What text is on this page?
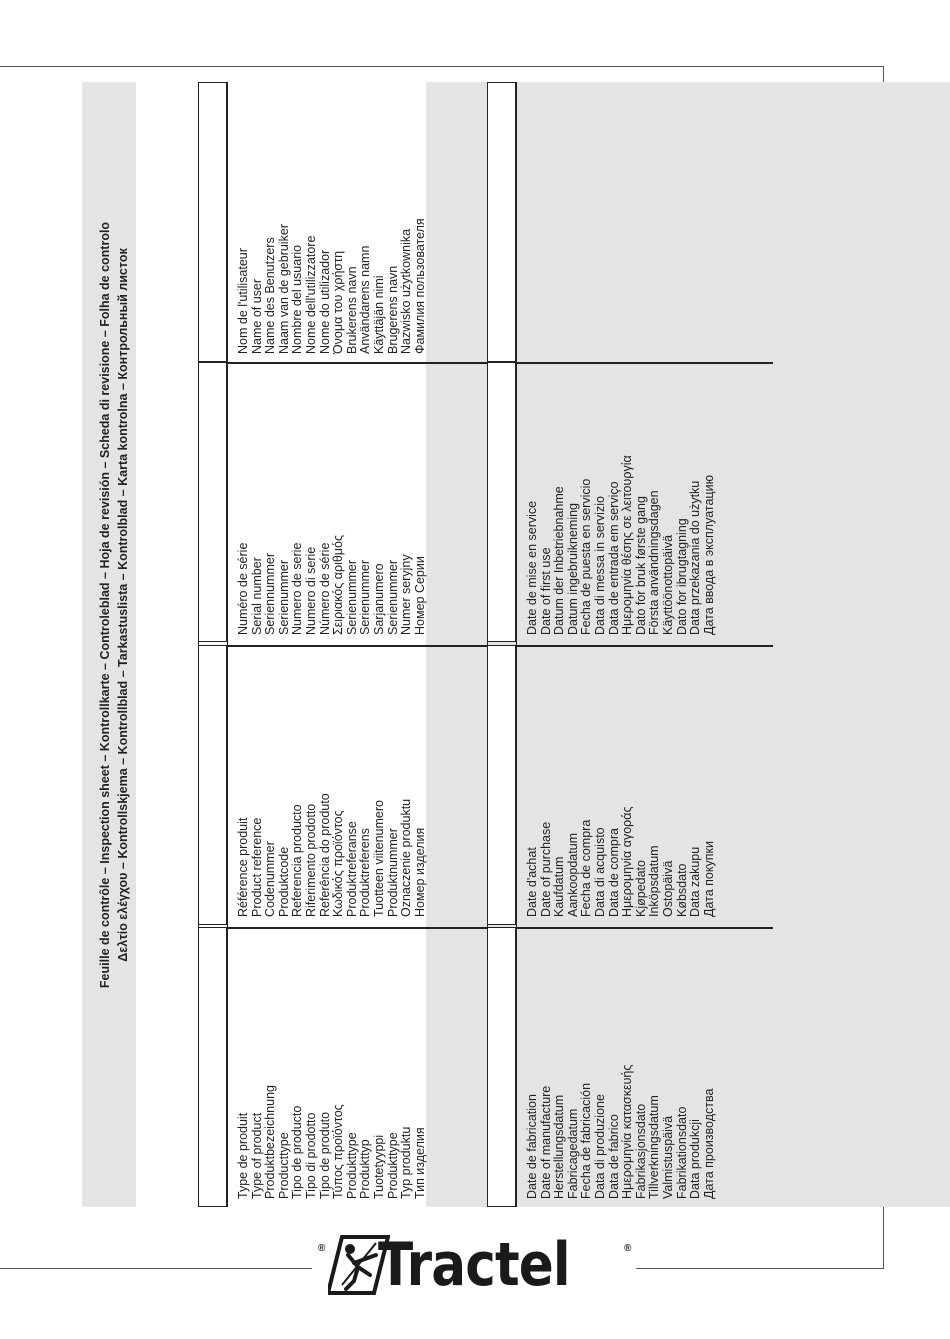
Feuille de contrôle – Inspection sheet – Kontrollkarte – Controleblad – Hoja de revisión – Scheda di revisione – Folha de controlo Δελτίο ελέγχου – Kontrollskjema – Kontrollblad – Tarkastuslista – Kontrolblad – Karta kontrolna – Контрольный листок
Type de produit Type of product Produktbezeichnung Producttype Tipo de producto Tipo di prodotto Tipo de produto Τύπος προϊόντος Produkttype Produkttyp Tuotetyyppi Produkttype Typ produktu Тип изделия
Référence produit Product reference Codenummer Produktcode Referencia producto Riferimento prodotto Referência do produto Κωδικός προϊόντος Produktreferanse Produktreferens Tuotteen viitenumero Produktnummer Oznaczenie produktu Номер изделия
Numéro de série Serial number Seriennummer Serienummer Numero de serie Numero di serie Número de série Σειριακός αριθμός Serienummer Serienummer Sarjanumero Serienummer Numer seryjny Номер Серии
Nom de l'utilisateur Name of user Name des Benutzers Naam van de gebruiker Nombre del usuario Nome dell'utilizzatore Nome do utilizador Όνομα του χρήστη Brukerens navn Användarens namn Käyttäjän nimi Brugerens navn Nazwisko użytkownika Фамилия пользователя
Date de fabrication Date of manufacture Herstellungsdatum Fabricagedatum Fecha de fabricación Data di produzione Data de fabrico Ημερομηνία κατασκευής Fabrikasjonsdato Tillverkningsdatum Valmistuspäivä Fabrikationsdato Data produkcji Дата производства
Date d'achat Date of purchase Kaufdatum Aankoopdatum Fecha de compra Data di acquisto Data de compra Ημερομηνία αγοράς Kjøpedato Inköpsdatum Ostopäivä Købsdato Data zakupu Дата покупки
Date de mise en service Date of first use Datum der Inbetriebnahme Datum ingebruikneming Fecha de puesta en servicio Data di messa in servizio Data de entrada em serviço Ημερομηνία θέσης σε λειτουργία Dato for bruk første gang Första användningsdagen Käyttöönottopäivä Dato for ibrugtagning Data przekazania do użytku Дата ввода в эксплуатацию
® Tractel	®
